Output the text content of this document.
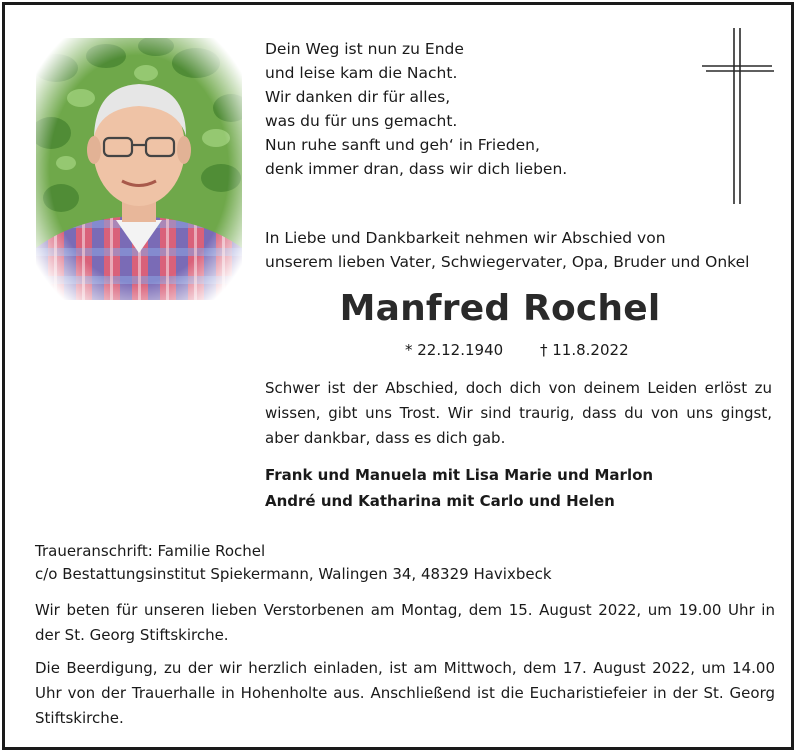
Dein Weg ist nun zu Ende
und leise kam die Nacht.
Wir danken dir für alles,
was du für uns gemacht.
Nun ruhe sanft und geh‘ in Frieden,
denk immer dran, dass wir dich lieben.
In Liebe und Dankbarkeit nehmen wir Abschied von
unserem lieben Vater, Schwiegervater, Opa, Bruder und Onkel
Manfred Rochel
* 22.12.1940 † 11.8.2022
Schwer ist der Abschied, doch dich von deinem Leiden erlöst zu wissen, gibt uns Trost. Wir sind traurig, dass du von uns gingst, aber dankbar, dass es dich gab.
Frank und Manuela mit Lisa Marie und Marlon
André und Katharina mit Carlo und Helen
Traueranschrift: Familie Rochel
c/o Bestattungsinstitut Spiekermann, Walingen 34, 48329 Havixbeck
Wir beten für unseren lieben Verstorbenen am Montag, dem 15. August 2022, um 19.00 Uhr in der St. Georg Stiftskirche.
Die Beerdigung, zu der wir herzlich einladen, ist am Mittwoch, dem 17. August 2022, um 14.00 Uhr von der Trauerhalle in Hohenholte aus. Anschließend ist die Eucharistiefeier in der St. Georg Stiftskirche.
